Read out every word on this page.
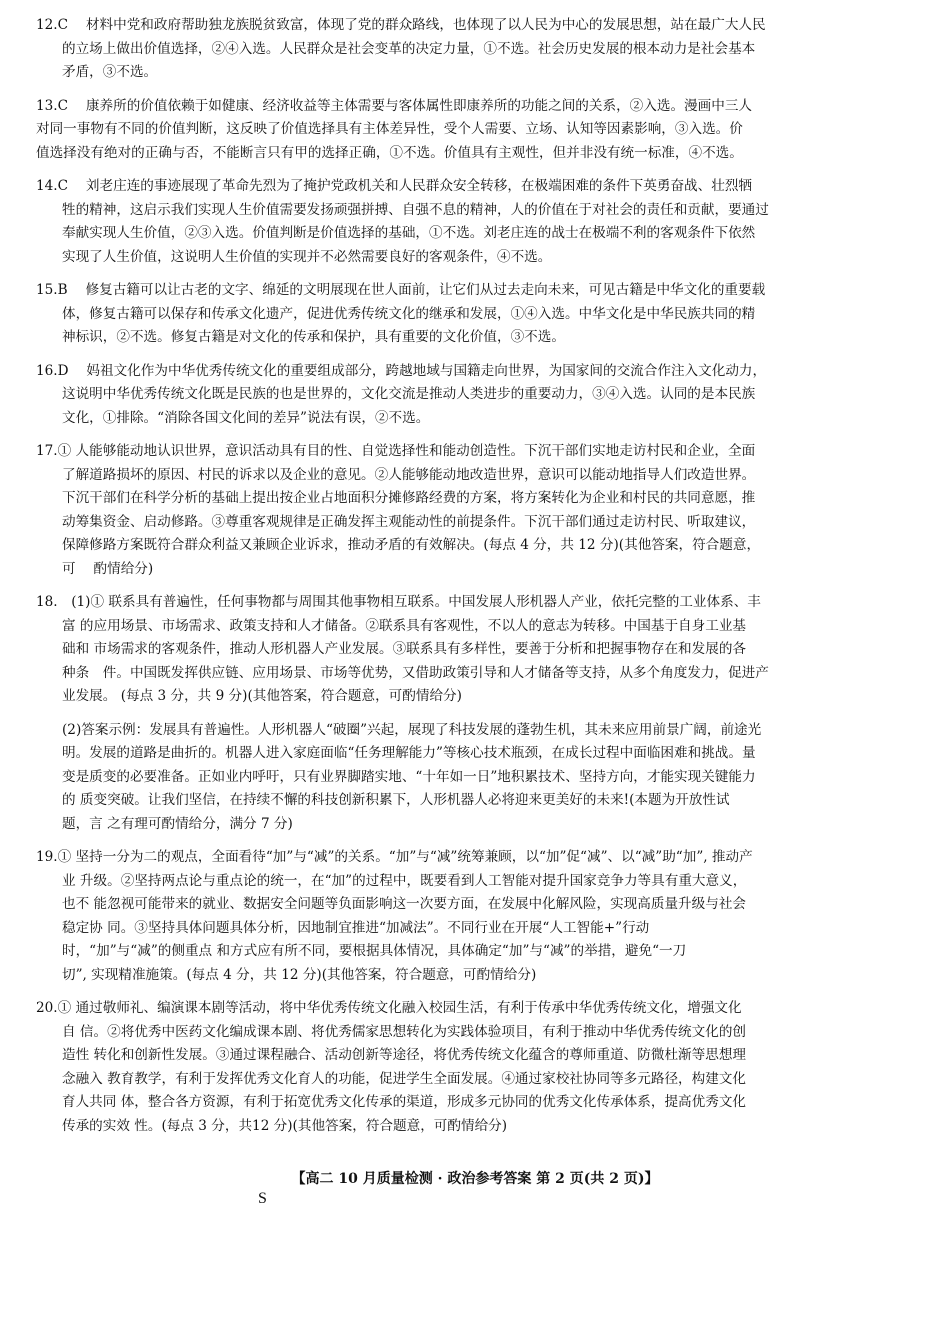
12.C　 材料中党和政府帮助独龙族脱贫致富，体现了党的群众路线，也体现了以人民为中心的发展思想，站在最广大人民
的立场上做出价值选择，②④入选。人民群众是社会变革的决定力量，①不选。社会历史发展的根本动力是社会基本
矛盾，③不选。
13.C　 康养所的价值依赖于如健康、经济收益等主体需要与客体属性即康养所的功能之间的关系，②入选。漫画中三人
对同一事物有不同的价值判断，这反映了价值选择具有主体差异性，受个人需要、立场、认知等因素影响，③入选。价
值选择没有绝对的正确与否，不能断言只有甲的选择正确，①不选。价值具有主观性，但并非没有统一标准，④不选。
14.C　 刘老庄连的事迹展现了革命先烈为了掩护党政机关和人民群众安全转移，在极端困难的条件下英勇奋战、壮烈牺
牲的精神，这启示我们实现人生价值需要发扬顽强拼搏、自强不息的精神，人的价值在于对社会的责任和贡献，要通过
奉献实现人生价值，②③入选。价值判断是价值选择的基础，①不选。刘老庄连的战士在极端不利的客观条件下依然
实现了人生价值，这说明人生价值的实现并不必然需要良好的客观条件，④不选。
15.B　 修复古籍可以让古老的文字、绵延的文明展现在世人面前，让它们从过去走向未来，可见古籍是中华文化的重要载
体，修复古籍可以保存和传承文化遗产，促进优秀传统文化的继承和发展，①④入选。中华文化是中华民族共同的精
神标识，②不选。修复古籍是对文化的传承和保护，具有重要的文化价值，③不选。
16.D　 妈祖文化作为中华优秀传统文化的重要组成部分，跨越地域与国籍走向世界，为国家间的交流合作注入文化动力，
这说明中华优秀传统文化既是民族的也是世界的，文化交流是推动人类进步的重要动力，③④入选。认同的是本民族
文化，①排除。“消除各国文化间的差异”说法有误，②不选。
17.① 人能够能动地认识世界，意识活动具有目的性、自觉选择性和能动创造性。下沉干部们实地走访村民和企业，全面
了解道路损坏的原因、村民的诉求以及企业的意见。②人能够能动地改造世界，意识可以能动地指导人们改造世界。
下沉干部们在科学分析的基础上提出按企业占地面积分摊修路经费的方案，将方案转化为企业和村民的共同意愿，推
动筹集资金、启动修路。③尊重客观规律是正确发挥主观能动性的前提条件。下沉干部们通过走访村民、听取建议，
保障修路方案既符合群众利益又兼顾企业诉求，推动矛盾的有效解决。(每点 4 分，共 12 分)(其他答案，符合题意，
可　 酌情给分)
18.　(1)① 联系具有普遍性，任何事物都与周围其他事物相互联系。中国发展人形机器人产业，依托完整的工业体系、丰
富 的应用场景、市场需求、政策支持和人才储备。②联系具有客观性，不以人的意志为转移。中国基于自身工业基
础和 市场需求的客观条件，推动人形机器人产业发展。③联系具有多样性，要善于分析和把握事物存在和发展的各
种条　件。中国既发挥供应链、应用场景、市场等优势，又借助政策引导和人才储备等支持，从多个角度发力，促进产
业发展。 (每点 3 分，共 9 分)(其他答案，符合题意，可酌情给分)
(2)答案示例：发展具有普遍性。人形机器人“破圈”兴起，展现了科技发展的蓬勃生机，其未来应用前景广阔，前途光
明。发展的道路是曲折的。机器人进入家庭面临“任务理解能力”等核心技术瓶颈，在成长过程中面临困难和挑战。量
变是质变的必要准备。正如业内呼吁，只有业界脚踏实地、“十年如一日”地积累技术、坚持方向，才能实现关键能力
的 质变突破。让我们坚信，在持续不懈的科技创新积累下，人形机器人必将迎来更美好的未来!(本题为开放性试
题，言 之有理可酌情给分，满分 7 分)
19.① 坚持一分为二的观点，全面看待“加”与“减”的关系。“加”与“减”统筹兼顾，以“加”促“减”、以“减”助“加”, 推动产
业 升级。②坚持两点论与重点论的统一，在“加”的过程中，既要看到人工智能对提升国家竞争力等具有重大意义，
也不 能忽视可能带来的就业、数据安全问题等负面影响这一次要方面，在发展中化解风险，实现高质量升级与社会
稳定协 同。③坚持具体问题具体分析，因地制宜推进“加减法”。不同行业在开展“人工智能+”行动
时，“加”与“减”的侧重点 和方式应有所不同，要根据具体情况，具体确定“加”与“减”的举措，避免“一刀
切”, 实现精准施策。(每点 4 分，共 12 分)(其他答案，符合题意，可酌情给分)
20.① 通过敬师礼、编演课本剧等活动，将中华优秀传统文化融入校园生活，有利于传承中华优秀传统文化，增强文化
自 信。②将优秀中医药文化编成课本剧、将优秀儒家思想转化为实践体验项目，有利于推动中华优秀传统文化的创
造性 转化和创新性发展。③通过课程融合、活动创新等途径，将优秀传统文化蕴含的尊师重道、防微杜渐等思想理
念融入 教育教学，有利于发挥优秀文化育人的功能，促进学生全面发展。④通过家校社协同等多元路径，构建文化
育人共同 体，整合各方资源，有利于拓宽优秀文化传承的渠道，形成多元协同的优秀文化传承体系，提高优秀文化
传承的实效 性。(每点 3 分，共12 分)(其他答案，符合题意，可酌情给分)
【高二 10 月质量检测 · 政治参考答案 第 2 页(共 2 页)】
S
